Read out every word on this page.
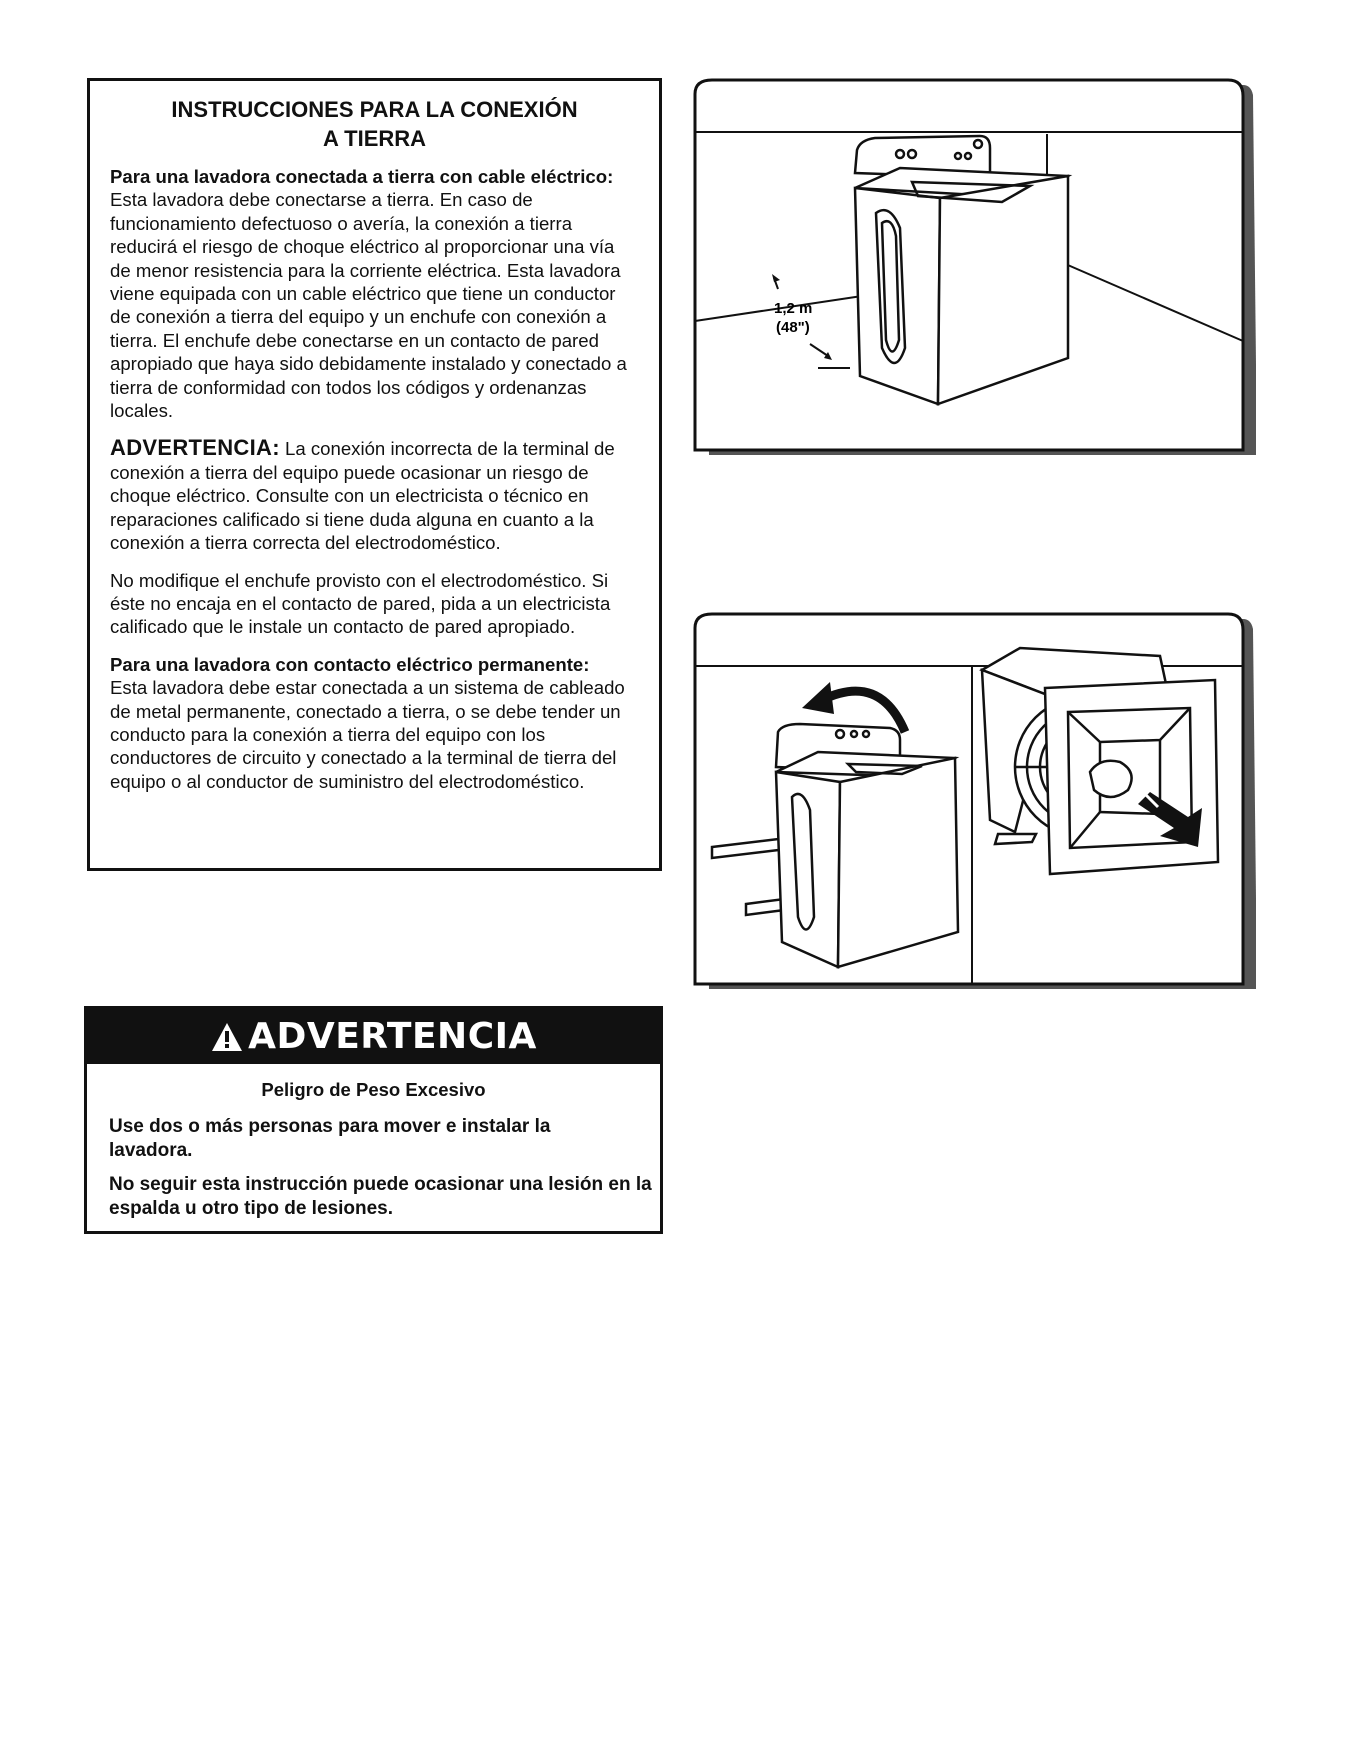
INSTRUCCIONES PARA LA CONEXIÓN
A TIERRA

Para una lavadora conectada a tierra con cable eléctrico:
Esta lavadora debe conectarse a tierra. En caso de funcionamiento defectuoso o avería, la conexión a tierra reducirá el riesgo de choque eléctrico al proporcionar una vía de menor resistencia para la corriente eléctrica. Esta lavadora viene equipada con un cable eléctrico que tiene un conductor de conexión a tierra del equipo y un enchufe con conexión a tierra. El enchufe debe conectarse en un contacto de pared apropiado que haya sido debidamente instalado y conectado a tierra de conformidad con todos los códigos y ordenanzas locales.

ADVERTENCIA: La conexión incorrecta de la terminal de conexión a tierra del equipo puede ocasionar un riesgo de choque eléctrico. Consulte con un electricista o técnico en reparaciones calificado si tiene duda alguna en cuanto a la conexión a tierra correcta del electrodoméstico.

No modifique el enchufe provisto con el electrodoméstico. Si éste no encaja en el contacto de pared, pida a un electricista calificado que le instale un contacto de pared apropiado.

Para una lavadora con contacto eléctrico permanente:
Esta lavadora debe estar conectada a un sistema de cableado de metal permanente, conectado a tierra, o se debe tender un conducto para la conexión a tierra del equipo con los conductores de circuito y conectado a la terminal de tierra del equipo o al conductor de suministro del electrodoméstico.

ADVERTENCIA
Peligro de Peso Excesivo

Use dos o más personas para mover e instalar la lavadora.

No seguir esta instrucción puede ocasionar una lesión en la espalda u otro tipo de lesiones.

1,2 m
(48")
